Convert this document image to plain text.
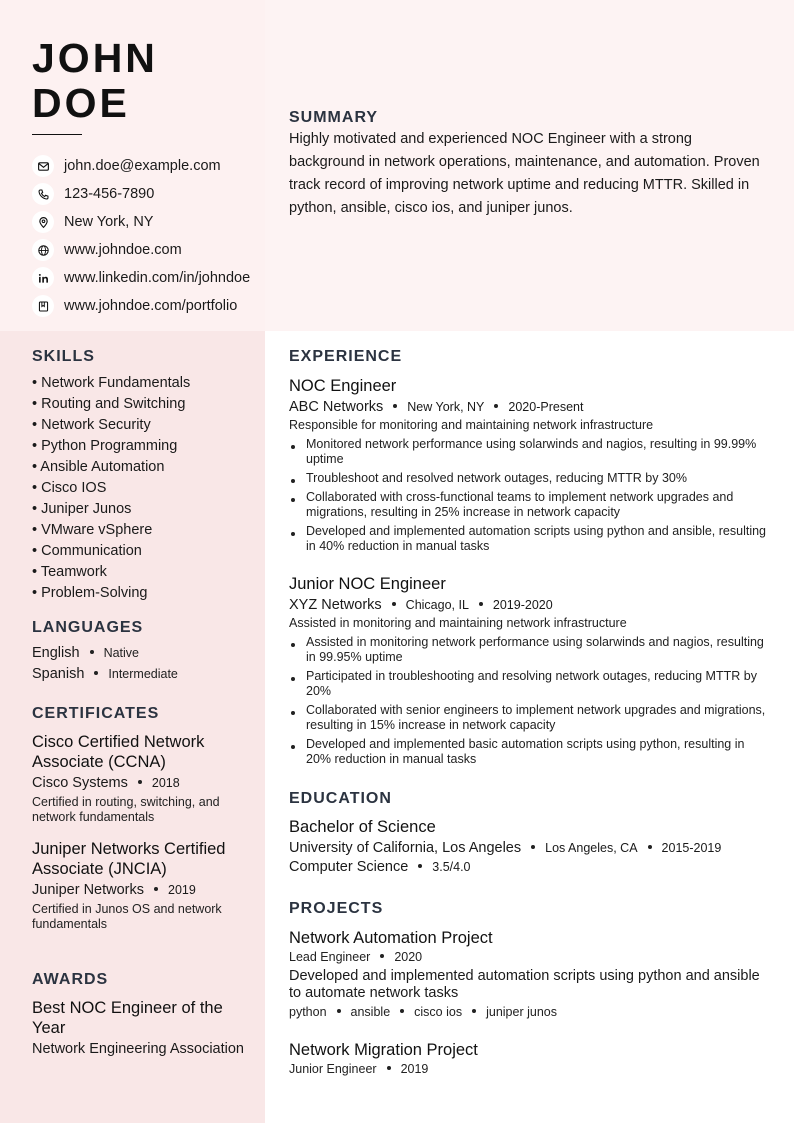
JOHN
DOE
john.doe@example.com
123-456-7890
New York, NY
www.johndoe.com
www.linkedin.com/in/johndoe
www.johndoe.com/portfolio
SUMMARY
Highly motivated and experienced NOC Engineer with a strong background in network operations, maintenance, and automation. Proven track record of improving network uptime and reducing MTTR. Skilled in python, ansible, cisco ios, and juniper junos.
SKILLS
• Network Fundamentals
• Routing and Switching
• Network Security
• Python Programming
• Ansible Automation
• Cisco IOS
• Juniper Junos
• VMware vSphere
• Communication
• Teamwork
• Problem-Solving
LANGUAGES
English Native
Spanish Intermediate
CERTIFICATES
Cisco Certified Network Associate (CCNA)
Cisco Systems 2018
Certified in routing, switching, and network fundamentals
Juniper Networks Certified Associate (JNCIA)
Juniper Networks 2019
Certified in Junos OS and network fundamentals
AWARDS
Best NOC Engineer of the Year
Network Engineering Association
EXPERIENCE
NOC Engineer
ABC Networks New York, NY 2020-Present
Responsible for monitoring and maintaining network infrastructure
Monitored network performance using solarwinds and nagios, resulting in 99.99% uptime
Troubleshoot and resolved network outages, reducing MTTR by 30%
Collaborated with cross-functional teams to implement network upgrades and migrations, resulting in 25% increase in network capacity
Developed and implemented automation scripts using python and ansible, resulting in 40% reduction in manual tasks
Junior NOC Engineer
XYZ Networks Chicago, IL 2019-2020
Assisted in monitoring and maintaining network infrastructure
Assisted in monitoring network performance using solarwinds and nagios, resulting in 99.95% uptime
Participated in troubleshooting and resolving network outages, reducing MTTR by 20%
Collaborated with senior engineers to implement network upgrades and migrations, resulting in 15% increase in network capacity
Developed and implemented basic automation scripts using python, resulting in 20% reduction in manual tasks
EDUCATION
Bachelor of Science
University of California, Los Angeles Los Angeles, CA 2015-2019
Computer Science 3.5/4.0
PROJECTS
Network Automation Project
Lead Engineer 2020
Developed and implemented automation scripts using python and ansible to automate network tasks
python ansible cisco ios juniper junos
Network Migration Project
Junior Engineer 2019
